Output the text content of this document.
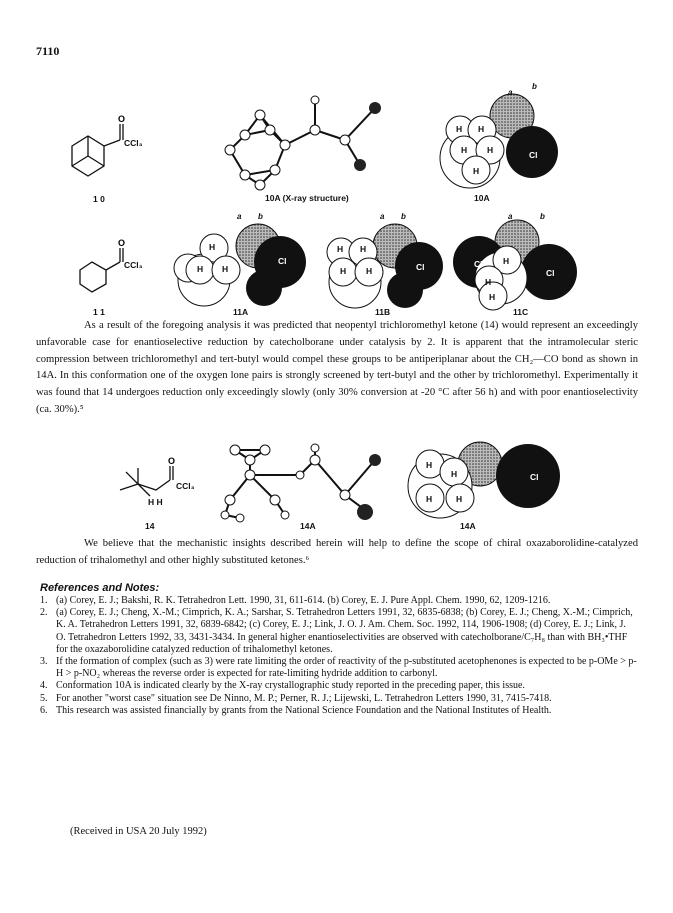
7110
O
CCl₃
1 0	10A (X-ray structure)
a
b
H H
H H
H
Cl
10A
O
CCl₃
1 1
a b
H
H H
Cl
11A
a b
H H
H H	Cl
11B
a	b
H
H
H
Cl
Cl
11C

As a result of the foregoing analysis it was predicted that neopentyl trichloromethyl ketone (14) would represent an exceedingly unfavorable case for enantioselective reduction by catecholborane under catalysis by 2. It is apparent that the intramolecular steric compression between trichloromethyl and tert-butyl would compel these groups to be antiperiplanar about the CH₂—CO bond as shown in 14A. In this conformation one of the oxygen lone pairs is strongly screened by tert-butyl and the other by trichloromethyl. Experimentally it was found that 14 undergoes reduction only exceedingly slowly (only 30% conversion at -20 °C after 56 h) and with poor enantioselectivity (ca. 30%).⁵

O
CCl₃
H H
14	14A
H
H
H	H
Cl
14A

We believe that the mechanistic insights described herein will help to define the scope of chiral oxazaborolidine-catalyzed reduction of trihalomethyl and other highly substituted ketones.⁶

References and Notes:
1. (a) Corey, E. J.; Bakshi, R. K. Tetrahedron Lett. 1990, 31, 611-614. (b) Corey, E. J. Pure Appl. Chem. 1990, 62, 1209-1216.
2. (a) Corey, E. J.; Cheng, X.-M.; Cimprich, K. A.; Sarshar, S. Tetrahedron Letters 1991, 32, 6835-6838; (b) Corey, E. J.; Cheng, X.-M.; Cimprich, K. A. Tetrahedron Letters 1991, 32, 6839-6842; (c) Corey, E. J.; Link, J. O. J. Am. Chem. Soc. 1992, 114, 1906-1908; (d) Corey, E. J.; Link, J. O. Tetrahedron Letters 1992, 33, 3431-3434. In general higher enantioselectivities are observed with catecholborane/C₇H₈ than with BH₃•THF for the oxazaborolidine catalyzed reduction of trihalomethyl ketones.
3. If the formation of complex (such as 3) were rate limiting the order of reactivity of the p-substituted acetophenones is expected to be p-OMe > p-H > p-NO₂ whereas the reverse order is expected for rate-limiting hydride addition to carbonyl.
4. Conformation 10A is indicated clearly by the X-ray crystallographic study reported in the preceding paper, this issue.
5. For another "worst case" situation see De Ninno, M. P.; Perner, R. J.; Lijewski, L. Tetrahedron Letters 1990, 31, 7415-7418.
6. This research was assisted financially by grants from the National Science Foundation and the National Institutes of Health.
(Received in USA 20 July 1992)
